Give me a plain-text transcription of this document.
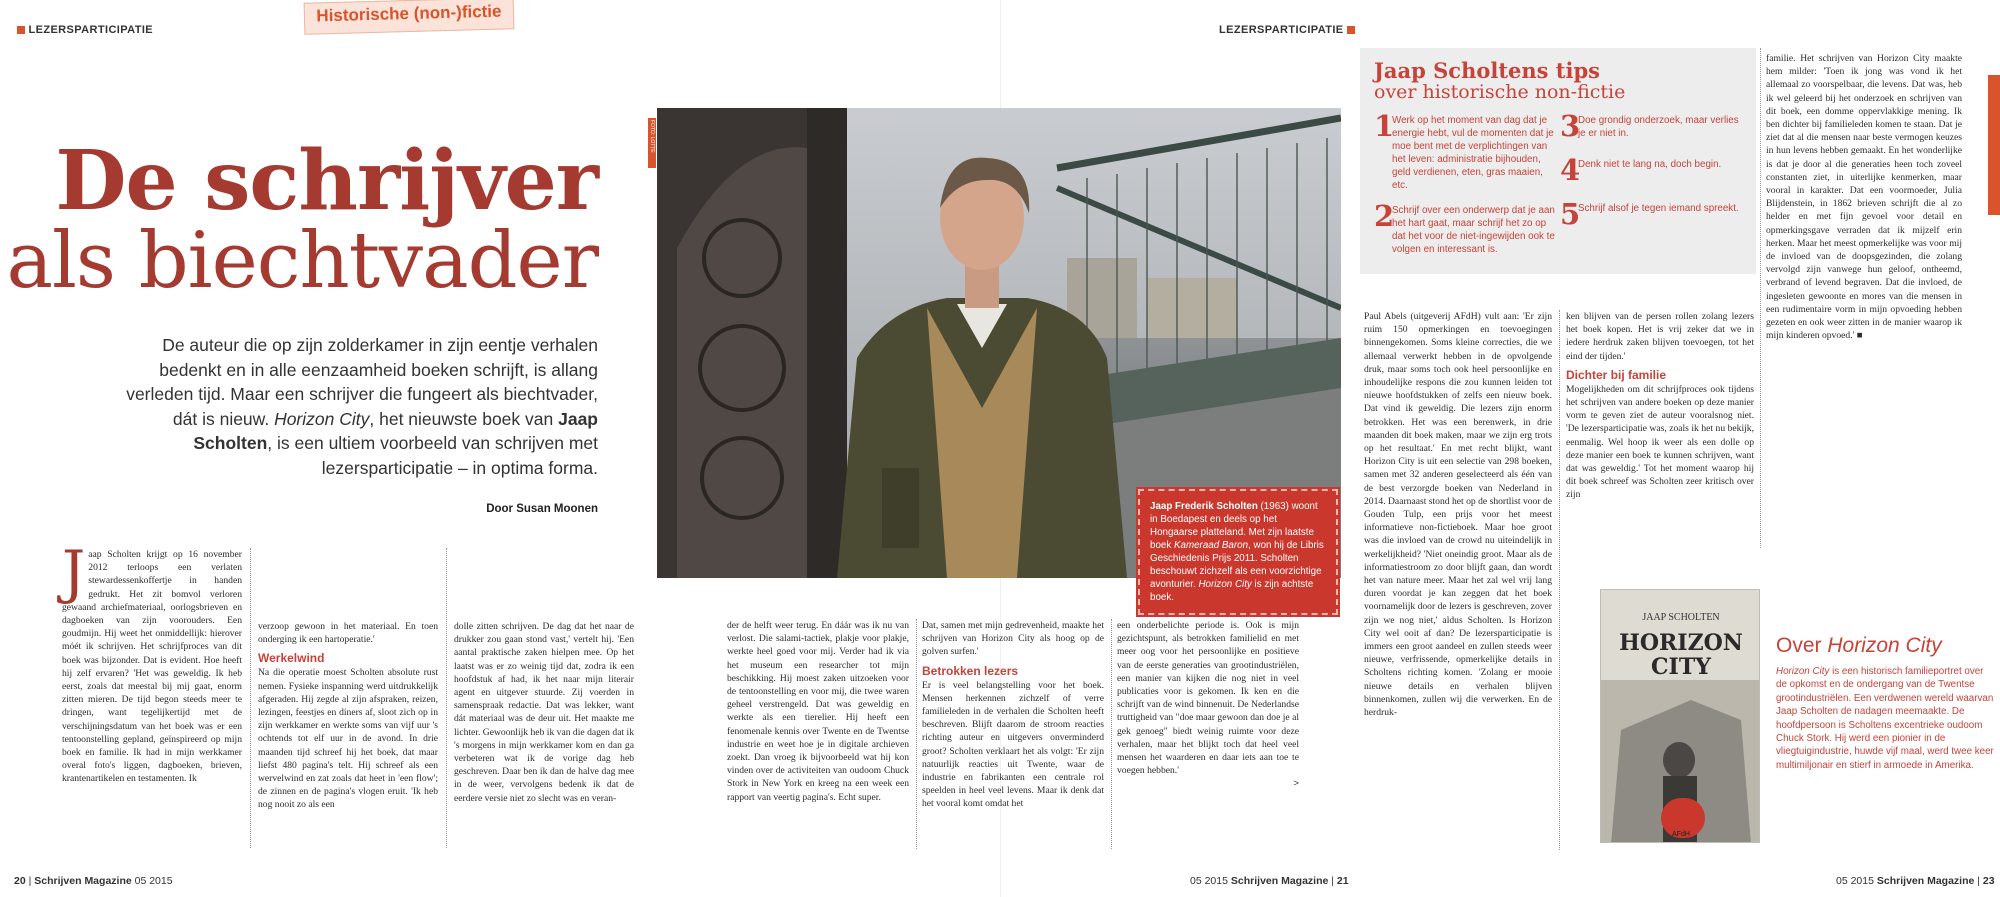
LEZERSPARTICIPATIE
Historische (non-)fictie
LEZERSPARTICIPATIE
De schrijver
als biechtvader
De auteur die op zijn zolderkamer in zijn eentje verhalen bedenkt en in alle eenzaamheid boeken schrijft, is allang verleden tijd. Maar een schrijver die fungeert als biechtvader, dát is nieuw. Horizon City, het nieuwste boek van Jaap Scholten, is een ultiem voorbeeld van schrijven met lezersparticipatie – in optima forma.
Door Susan Moonen
J aap Scholten krijgt op 16 november 2012 terloops een verlaten stewardessenkoffertje in handen gedrukt. Het zit bomvol verloren gewaand archiefmateriaal, oorlogsbrieven en dagboeken van zijn voorouders. Een goudmijn. Hij weet het onmiddellijk: hierover móét ik schrijven. Het schrijfproces van dit boek was bijzonder. Dat is evident. Hoe heeft hij zelf ervaren? 'Het was geweldig. Ik heb eerst, zoals dat meestal bij mij gaat, enorm zitten mieren. De tijd begon steeds meer te dringen, want tegelijkertijd met de verschijningsdatum van het boek was er een tentoonstelling gepland, geïnspireerd op mijn boek en familie. Ik had in mijn werkkamer overal foto's liggen, dagboeken, brieven, krantenartikelen en testamenten. Ik
verzoop gewoon in het materiaal. En toen onderging ik een hartoperatie.'
Werkelwind
Na die operatie moest Scholten absolute rust nemen. Fysieke inspanning werd uitdrukkelijk afgeraden. Hij zegde al zijn afspraken, reizen, lezingen, feestjes en diners af, sloot zich op in zijn werkkamer en werkte soms van vijf uur 's ochtends tot elf uur in de avond. In drie maanden tijd schreef hij het boek, dat maar liefst 480 pagina's telt. Hij schreef als een wervelwind en zat zoals dat heet in 'een flow'; de zinnen en de pagina's vlogen eruit. 'Ik heb nog nooit zo als een
dolle zitten schrijven. De dag dat het naar de drukker zou gaan stond vast,' vertelt hij. 'Een aantal praktische zaken hielpen mee. Op het laatst was er zo weinig tijd dat, zodra ik een hoofdstuk af had, ik het naar mijn literair agent en uitgever stuurde. Zij voerden in samenspraak redactie. Dat was lekker, want dát materiaal was de deur uit. Het maakte me lichter. Gewoonlijk heb ik van die dagen dat ik 's morgens in mijn werkkamer kom en dan ga verbeteren wat ik de vorige dag heb geschreven. Daar ben ik dan de halve dag mee in de weer, vervolgens bedenk ik dat de eerdere versie niet zo slecht was en veran-
Jaap Frederik Scholten (1963) woont in Boedapest en deels op het Hongaarse platteland. Met zijn laatste boek Kameraad Baron, won hij de Libris Geschiedenis Prijs 2011. Scholten beschouwt zichzelf als een voorzichtige avonturier. Horizon City is zijn achtste boek.
FOTO: LOTTE
der de helft weer terug. En dáár was ik nu van verlost. Die salami-tactiek, plakje voor plakje, werkte heel goed voor mij. Verder had ik via het museum een researcher tot mijn beschikking. Hij moest zaken uitzoeken voor de tentoonstelling en voor mij, die twee waren geheel verstrengeld. Dat was geweldig en werkte als een tierelier. Hij heeft een fenomenale kennis over Twente en de Twentse industrie en weet hoe je in digitale archieven zoekt. Dan vroeg ik bijvoorbeeld wat hij kon vinden over de activiteiten van oudoom Chuck Stork in New York en kreeg na een week een rapport van veertig pagina's. Echt super.
Dat, samen met mijn gedrevenheid, maakte het schrijven van Horizon City als hoog op de golven surfen.'
Betrokken lezers
Er is veel belangstelling voor het boek. Mensen herkennen zichzelf of verre familieleden in de verhalen die Scholten heeft beschreven. Blijft daarom de stroom reacties richting auteur en uitgevers onverminderd groot? Scholten verklaart het als volgt: 'Er zijn natuurlijk reacties uit Twente, waar de industrie en fabrikanten een centrale rol speelden in heel veel levens. Maar ik denk dat het vooral komt omdat het
een onderbelichte periode is. Ook is mijn gezichtspunt, als betrokken familielid en met meer oog voor het persoonlijke en positieve van de eerste generaties van grootindustriëlen, een manier van kijken die nog niet in veel publicaties voor is gekomen. Ik ken en die schrijft van de wind binnenuit. De Nederlandse truttigheid van "doe maar gewoon dan doe je al gek genoeg" biedt weinig ruimte voor deze verhalen, maar het blijkt toch dat heel veel mensen het waarderen en daar iets aan toe te voegen hebben.'
>
Jaap Scholtens tips
over historische non-fictie
1
Werk op het moment van dag dat je energie hebt, vul de momenten dat je moe bent met de verplichtingen van het leven: administratie bijhouden, geld verdienen, eten, gras maaien, etc.
2
Schrijf over een onderwerp dat je aan het hart gaat, maar schrijf het zo op dat het voor de niet-ingewijden ook te volgen en interessant is.
3
Doe grondig onderzoek, maar verlies je er niet in.
4
Denk niet te lang na, doch begin.
5
Schrijf alsof je tegen iemand spreekt.
Paul Abels (uitgeverij AFdH) vult aan: 'Er zijn ruim 150 opmerkingen en toevoegingen binnengekomen. Soms kleine correcties, die we allemaal verwerkt hebben in de opvolgende druk, maar soms toch ook heel persoonlijke en inhoudelijke respons die zou kunnen leiden tot nieuwe hoofdstukken of zelfs een nieuw boek. Dat vind ik geweldig. Die lezers zijn enorm betrokken. Het was een berenwerk, in drie maanden dit boek maken, maar we zijn erg trots op het resultaat.' En met recht blijkt, want Horizon City is uit een selectie van 298 boeken, samen met 32 anderen geselecteerd als één van de best verzorgde boeken van Nederland in 2014. Daarnaast stond het op de shortlist voor de Gouden Tulp, een prijs voor het meest informatieve non-fictieboek. Maar hoe groot was die invloed van de crowd nu uiteindelijk in werkelijkheid? 'Niet oneindig groot. Maar als de informatiestroom zo door blijft gaan, dan wordt het van nature meer. Maar het zal wel vrij lang duren voordat je kan zeggen dat het boek voornamelijk door de lezers is geschreven, zover zijn we nog niet,' aldus Scholten. Is Horizon City wel ooit af dan? De lezersparticipatie is immers een groot aandeel en zullen steeds weer nieuwe, verfrissende, opmerkelijke details in Scholtens richting komen. 'Zolang er mooie nieuwe details en verhalen blijven binnenkomen, zullen wij die verwerken. En de herdruk-
ken blijven van de persen rollen zolang lezers het boek kopen. Het is vrij zeker dat we in iedere herdruk zaken blijven toevoegen, tot het eind der tijden.'
Dichter bij familie
Mogelijkheden om dit schrijfproces ook tijdens het schrijven van andere boeken op deze manier vorm te geven ziet de auteur vooralsnog niet. 'De lezersparticipatie was, zoals ik het nu bekijk, eenmalig. Wel hoop ik weer als een dolle op deze manier een boek te kunnen schrijven, want dat was geweldig.' Tot het moment waarop hij dit boek schreef was Scholten zeer kritisch over zijn
familie. Het schrijven van Horizon City maakte hem milder: 'Toen ik jong was vond ik het allemaal zo voorspelbaar, die levens. Dat was, heb ik wel geleerd bij het onderzoek en schrijven van dit boek, een domme oppervlakkige mening. Ik ben dichter bij familieleden komen te staan. Dat je ziet dat al die mensen naar beste vermogen keuzes in hun levens hebben gemaakt. En het wonderlijke is dat je door al die generaties heen toch zoveel constanten ziet, in uiterlijke kenmerken, maar vooral in karakter. Dat een voormoeder, Julia Blijdenstein, in 1862 brieven schrijft die al zo helder en met fijn gevoel voor detail en opmerkingsgave verraden dat ik mijzelf erin herken. Maar het meest opmerkelijke was voor mij de invloed van de doopsgezinden, die zolang vervolgd zijn vanwege hun geloof, ontheemd, verbrand of levend begraven. Dat die invloed, de ingesleten gewoonte en mores van die mensen in een rudimentaire vorm in mijn opvoeding hebben gezeten en ook weer zitten in de manier waarop ik mijn kinderen opvoed.' ■
JAAP SCHOLTEN
HORIZON
CITY
AFdH
Over Horizon City
Horizon City is een historisch familieportret over de opkomst en de ondergang van de Twentse grootindustriëlen. Een verdwenen wereld waarvan Jaap Scholten de nadagen meemaakte. De hoofdpersoon is Scholtens excentrieke oudoom Chuck Stork. Hij werd een pionier in de vliegtuigindustrie, huwde vijf maal, werd twee keer multimiljonair en stierf in armoede in Amerika.
20 | Schrijven Magazine 05 2015	05 2015 Schrijven Magazine | 21	05 2015 Schrijven Magazine | 23
